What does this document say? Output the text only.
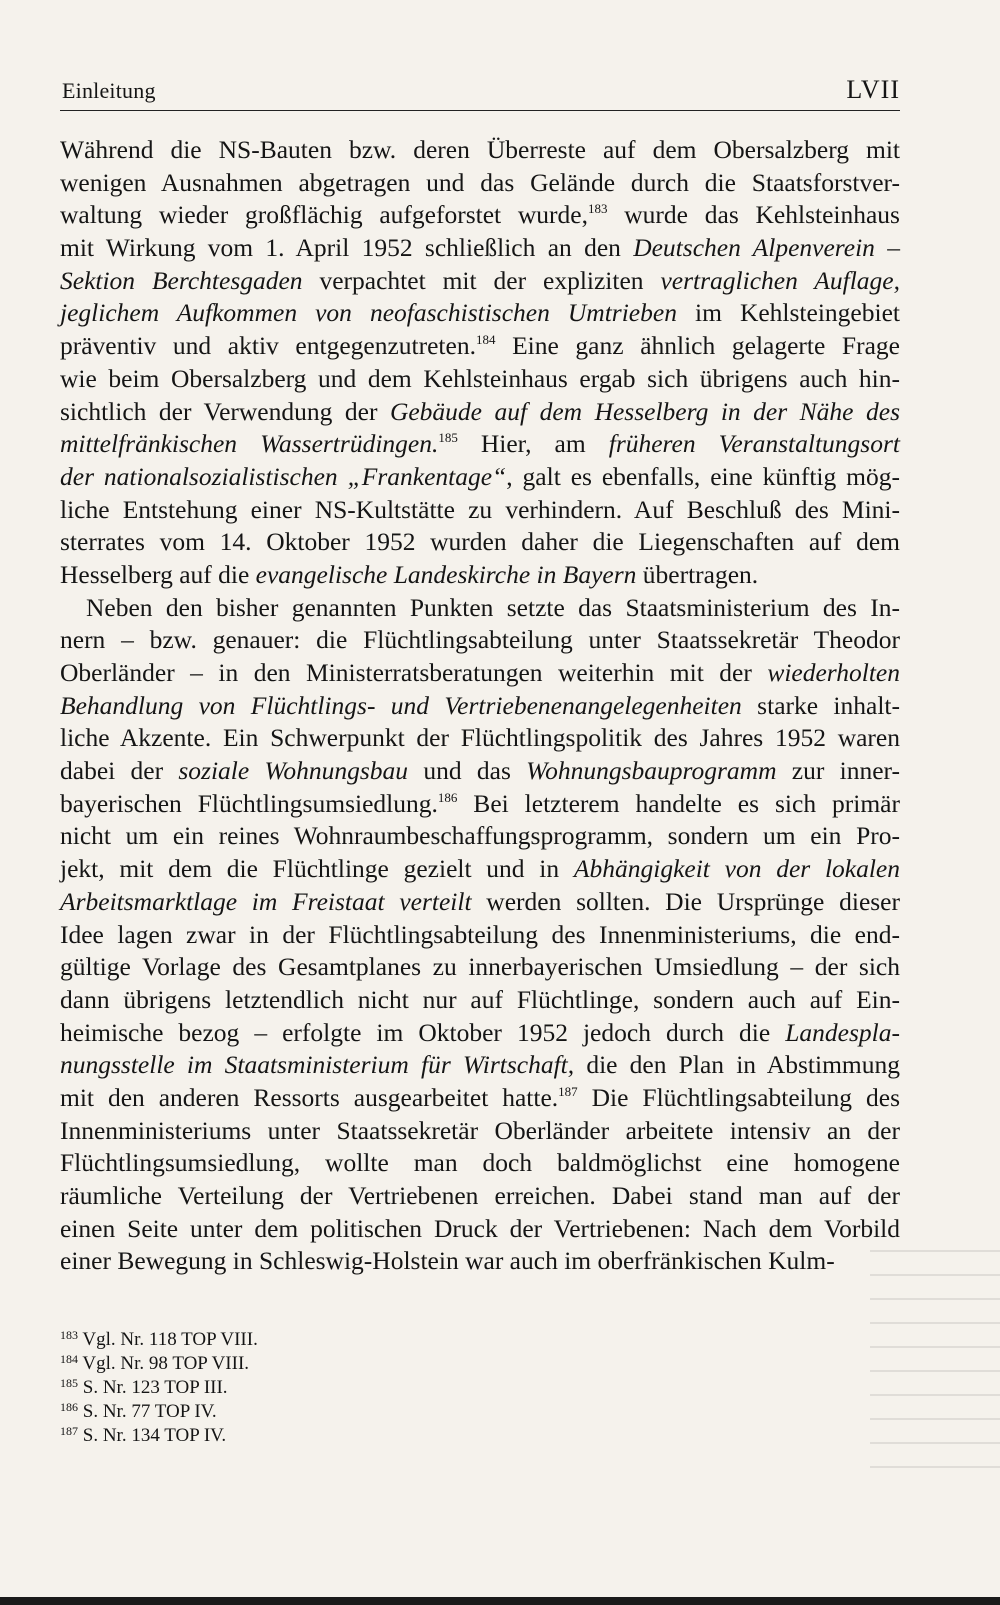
Einleitung	LVII
Während die NS-Bauten bzw. deren Überreste auf dem Obersalzberg mit
wenigen Ausnahmen abgetragen und das Gelände durch die Staatsforstver-
waltung wieder großflächig aufgeforstet wurde,$^{183}$ wurde das Kehlsteinhaus
mit Wirkung vom 1. April 1952 schließlich an den Deutschen Alpenverein –
Sektion Berchtesgaden verpachtet mit der expliziten vertraglichen Auflage,
jeglichem Aufkommen von neofaschistischen Umtrieben im Kehlsteingebiet
präventiv und aktiv entgegenzutreten.$^{184}$ Eine ganz ähnlich gelagerte Frage
wie beim Obersalzberg und dem Kehlsteinhaus ergab sich übrigens auch hin-
sichtlich der Verwendung der Gebäude auf dem Hesselberg in der Nähe des
mittelfränkischen Wassertrüdingen.$^{185}$ Hier, am früheren Veranstaltungsort
der nationalsozialistischen „Frankentage“, galt es ebenfalls, eine künftig mög-
liche Entstehung einer NS-Kultstätte zu verhindern. Auf Beschluß des Mini-
sterrates vom 14. Oktober 1952 wurden daher die Liegenschaften auf dem
Hesselberg auf die evangelische Landeskirche in Bayern übertragen.
Neben den bisher genannten Punkten setzte das Staatsministerium des In-
nern – bzw. genauer: die Flüchtlingsabteilung unter Staatssekretär Theodor
Oberländer – in den Ministerratsberatungen weiterhin mit der wiederholten
Behandlung von Flüchtlings- und Vertriebenenangelegenheiten starke inhalt-
liche Akzente. Ein Schwerpunkt der Flüchtlingspolitik des Jahres 1952 waren
dabei der soziale Wohnungsbau und das Wohnungsbauprogramm zur inner-
bayerischen Flüchtlingsumsiedlung.$^{186}$ Bei letzterem handelte es sich primär
nicht um ein reines Wohnraumbeschaffungsprogramm, sondern um ein Pro-
jekt, mit dem die Flüchtlinge gezielt und in Abhängigkeit von der lokalen
Arbeitsmarktlage im Freistaat verteilt werden sollten. Die Ursprünge dieser
Idee lagen zwar in der Flüchtlingsabteilung des Innenministeriums, die end-
gültige Vorlage des Gesamtplanes zu innerbayerischen Umsiedlung – der sich
dann übrigens letztendlich nicht nur auf Flüchtlinge, sondern auch auf Ein-
heimische bezog – erfolgte im Oktober 1952 jedoch durch die Landespla-
nungsstelle im Staatsministerium für Wirtschaft, die den Plan in Abstimmung
mit den anderen Ressorts ausgearbeitet hatte.$^{187}$ Die Flüchtlingsabteilung des
Innenministeriums unter Staatssekretär Oberländer arbeitete intensiv an der
Flüchtlingsumsiedlung, wollte man doch baldmöglichst eine homogene
räumliche Verteilung der Vertriebenen erreichen. Dabei stand man auf der
einen Seite unter dem politischen Druck der Vertriebenen: Nach dem Vorbild
einer Bewegung in Schleswig-Holstein war auch im oberfränkischen Kulm-
$^{183}$ Vgl. Nr. 118 TOP VIII.
$^{184}$ Vgl. Nr. 98 TOP VIII.
$^{185}$ S. Nr. 123 TOP III.
$^{186}$ S. Nr. 77 TOP IV.
$^{187}$ S. Nr. 134 TOP IV.
